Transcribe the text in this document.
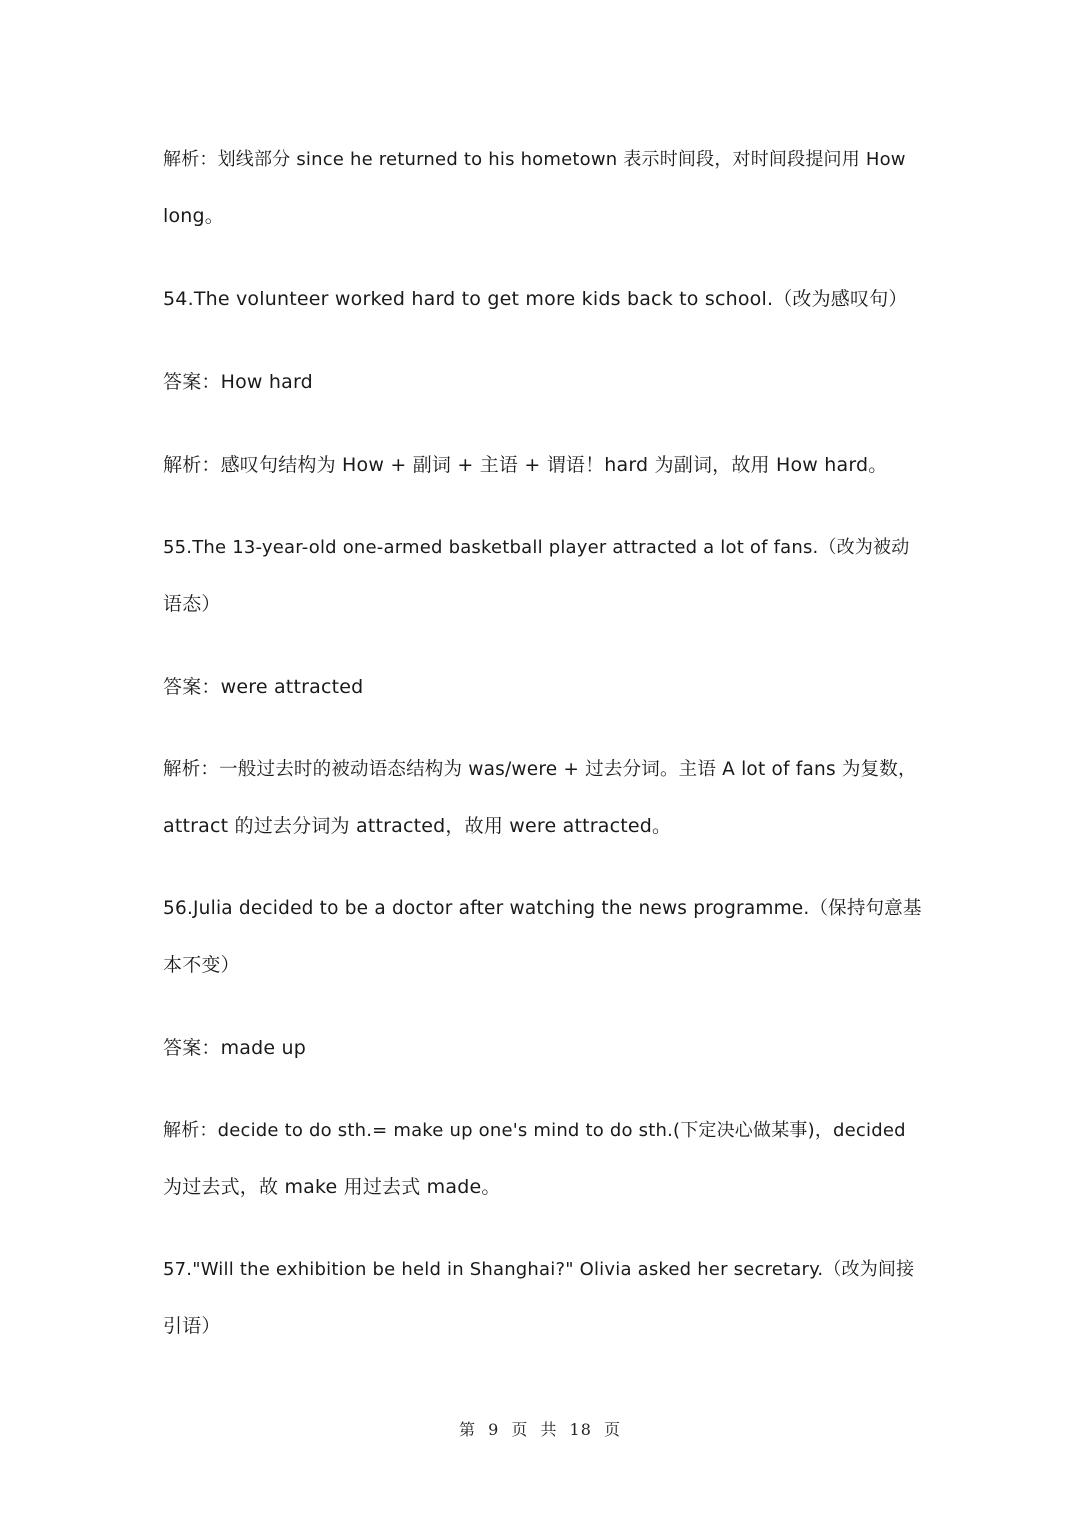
解析：划线部分 since he returned to his hometown 表示时间段，对时间段提问用 How
long。
54.The volunteer worked hard to get more kids back to school.（改为感叹句）
答案：How hard
解析：感叹句结构为 How + 副词 + 主语 + 谓语！hard 为副词，故用 How hard。
55.The 13-year-old one-armed basketball player attracted a lot of fans.（改为被动
语态）
答案：were attracted
解析：一般过去时的被动语态结构为 was/were + 过去分词。主语 A lot of fans 为复数，
attract 的过去分词为 attracted，故用 were attracted。
56.Julia decided to be a doctor after watching the news programme.（保持句意基
本不变）
答案：made up
解析：decide to do sth.= make up one's mind to do sth.(下定决心做某事)，decided
为过去式，故 make 用过去式 made。
57."Will the exhibition be held in Shanghai?" Olivia asked her secretary.（改为间接
引语）
第 9 页 共 18 页
